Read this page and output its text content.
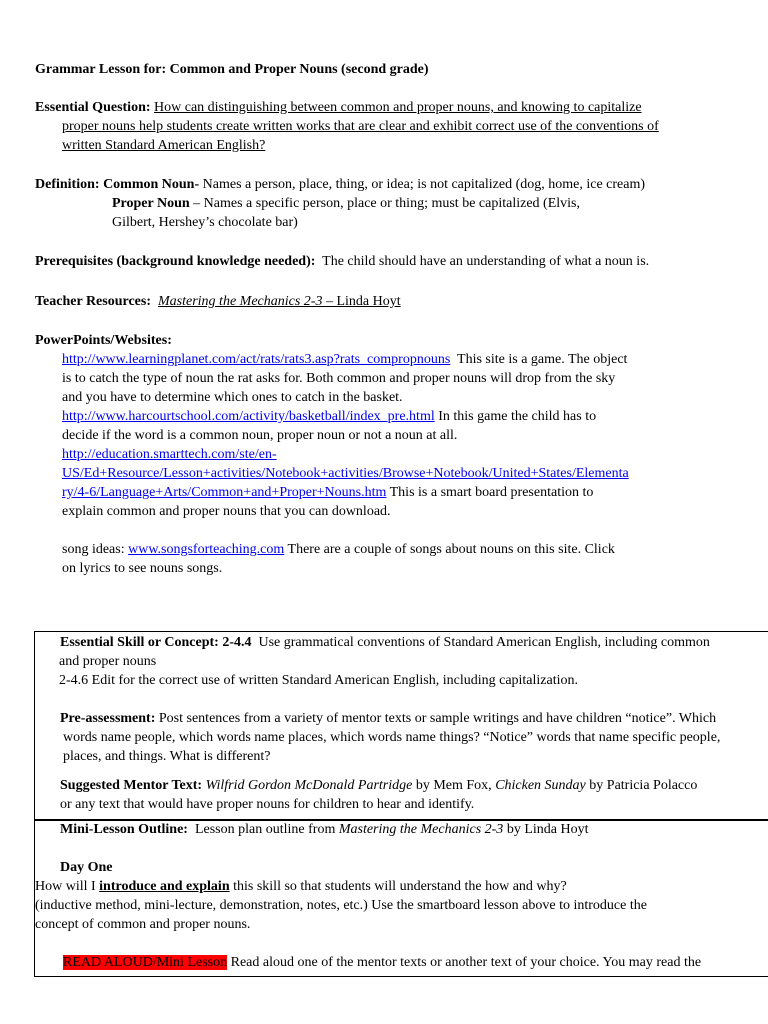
Grammar Lesson for: Common and Proper Nouns (second grade)

Essential Question: How can distinguishing between common and proper nouns, and knowing to capitalize
proper nouns help students create written works that are clear and exhibit correct use of the conventions of
written Standard American English?
Definition: Common Noun- Names a person, place, thing, or idea; is not capitalized (dog, home, ice cream)
Proper Noun – Names a specific person, place or thing; must be capitalized (Elvis,
Gilbert, Hershey’s chocolate bar)
Prerequisites (background knowledge needed): The child should have an understanding of what a noun is.
Teacher Resources: Mastering the Mechanics 2-3 – Linda Hoyt
PowerPoints/Websites:
http://www.learningplanet.com/act/rats/rats3.asp?rats_compropnouns This site is a game. The object
is to catch the type of noun the rat asks for. Both common and proper nouns will drop from the sky
and you have to determine which ones to catch in the basket.
http://www.harcourtschool.com/activity/basketball/index_pre.html In this game the child has to
decide if the word is a common noun, proper noun or not a noun at all.
http://education.smarttech.com/ste/en-
US/Ed+Resource/Lesson+activities/Notebook+activities/Browse+Notebook/United+States/Elementa
ry/4-6/Language+Arts/Common+and+Proper+Nouns.htm This is a smart board presentation to
explain common and proper nouns that you can download.

song ideas: www.songsforteaching.com There are a couple of songs about nouns on this site. Click
on lyrics to see nouns songs.
Essential Skill or Concept: 2-4.4 Use grammatical conventions of Standard American English, including common
and proper nouns
2-4.6 Edit for the correct use of written Standard American English, including capitalization.

Pre-assessment: Post sentences from a variety of mentor texts or sample writings and have children “notice”. Which
words name people, which words name places, which words name things? “Notice” words that name specific people,
places, and things. What is different?
Suggested Mentor Text: Wilfrid Gordon McDonald Partridge by Mem Fox, Chicken Sunday by Patricia Polacco
or any text that would have proper nouns for children to hear and identify.
Mini-Lesson Outline: Lesson plan outline from Mastering the Mechanics 2-3 by Linda Hoyt

Day One
How will I introduce and explain this skill so that students will understand the how and why?
(inductive method, mini-lecture, demonstration, notes, etc.) Use the smartboard lesson above to introduce the
concept of common and proper nouns.

READ ALOUD/Mini Lesson Read aloud one of the mentor texts or another text of your choice. You may read the
